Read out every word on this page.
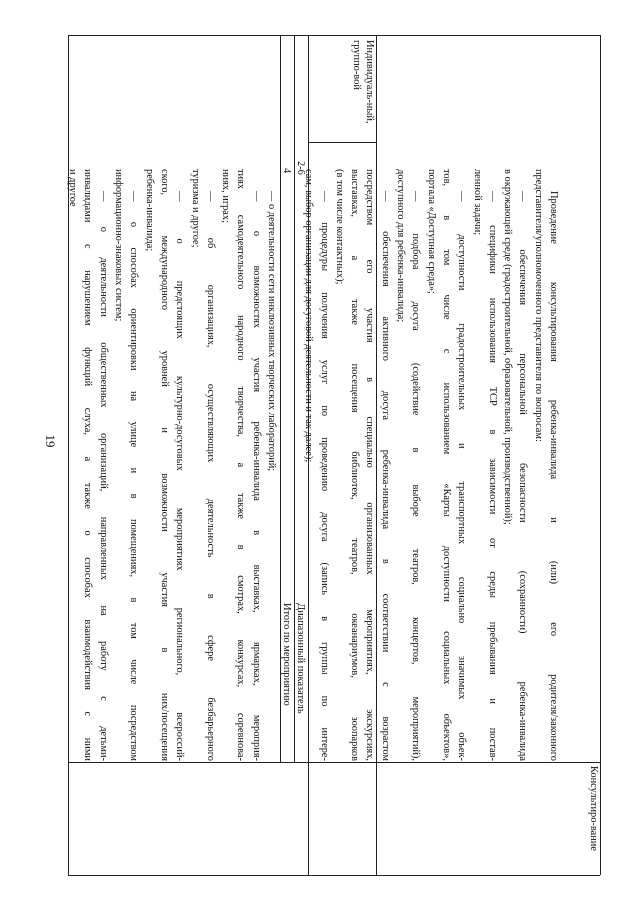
19	— о деятельности сети инклюзивных творческих лабораторий;

— о возможностях участия ребенка-инвалида в выставках, ярмарках, мероприя-

тиях самодеятельного народного творчества, а также в смотрах, конкурсах, соревнова-

ниях, играх;

— об организациях, осуществляющих деятельность в сфере безбарьерного

туризма и другое;

— о предстоящих культурно-досуговых мероприятиях регионального, всероссий-

ского, международного уровней и возможности участия в них/посещения

ребенка-инвалида;

— о способах ориентировки на улице и в помещениях, в том числе посредством

информационно-знаковых систем;

— о деятельности общественных организаций, направленных на работу с детьми-

инвалидами с нарушением функций слуха, а также о способах взаимодействия с ними

и другое

Итого по мероприятию Диапазонный показатель
4 2-6

Проведение консультирования ребенка-инвалида и (или) его родителя/законного

представителя/уполномоченного представителя по вопросам:

— обеспечения персональной безопасности (сохранности) ребенка-инвалида

в окружающей среде (градостроительной, образовательной, производственной);

— специфики использования ТСР в зависимости от среды пребывания и постав-

ленной задачи;

— доступности градостроительных и транспортных социально значимых объек-

тов, в том числе с использованием «Карты доступности социальных объектов»,

портала «Доступная среда»;

— подбора досуга (содействие в выборе театров, концертов, мероприятий),

доступного для ребенка-инвалида;

— обеспечения активного досуга ребенка-инвалида в соответствии с возрастом

посредством его участия в специально организованных мероприятиях, экскурсиях,

выставках, а также посещения библиотек, театров, океанариумов, зоопарков

(в том числе контактных);

— процедуры получения услуг по проведению досуга (запись в группы по интере-

сам, выбор организации для досуговой деятельности и так далее);

Консультиро-вание
Индивидуаль-ный, группо-вой
